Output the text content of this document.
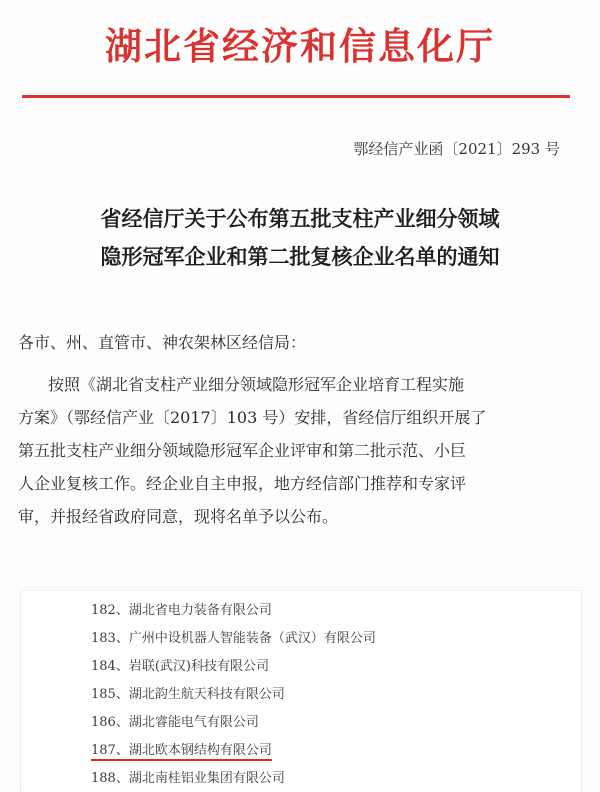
湖北省经济和信息化厅
鄂经信产业函〔2021〕293 号
省经信厅关于公布第五批支柱产业细分领域
隐形冠军企业和第二批复核企业名单的通知
各市、州、直管市、神农架林区经信局：
按照《湖北省支柱产业细分领域隐形冠军企业培育工程实施
方案》（鄂经信产业〔2017〕103 号）安排，省经信厅组织开展了
第五批支柱产业细分领域隐形冠军企业评审和第二批示范、小巨
人企业复核工作。经企业自主申报，地方经信部门推荐和专家评
审，并报经省政府同意，现将名单予以公布。
182、湖北省电力装备有限公司
183、广州中设机器人智能装备（武汉）有限公司
184、岩联(武汉)科技有限公司
185、湖北韵生航天科技有限公司
186、湖北睿能电气有限公司
187、湖北欧本钢结构有限公司
188、湖北南桂铝业集团有限公司
